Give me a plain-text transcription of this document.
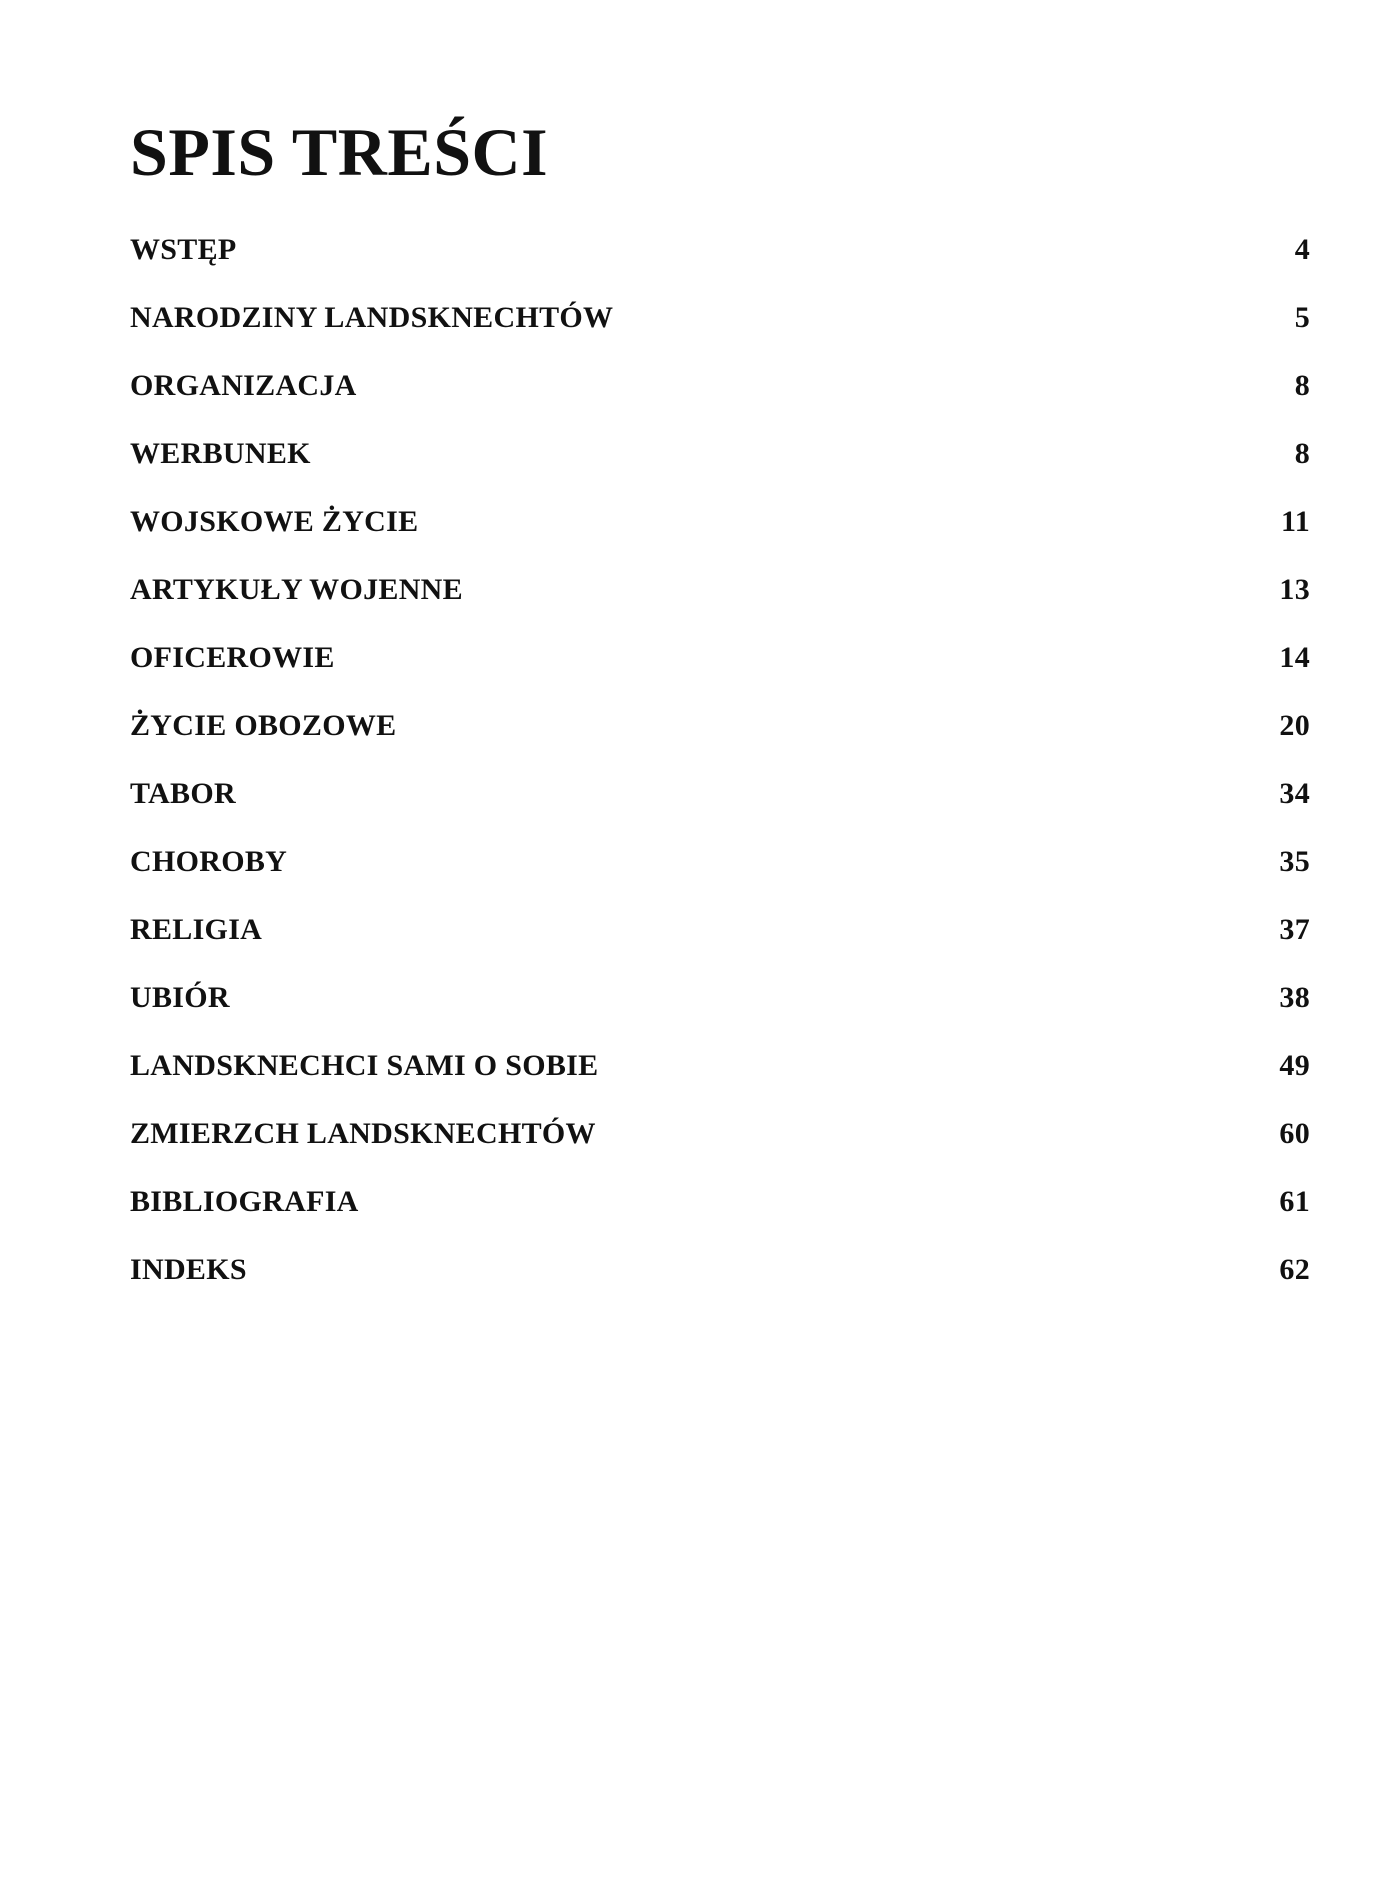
SPIS TREŚCI
WSTĘP	4
NARODZINY LANDSKNECHTÓW	5
ORGANIZACJA	8
WERBUNEK	8
WOJSKOWE ŻYCIE	11
ARTYKUŁY WOJENNE	13
OFICEROWIE	14
ŻYCIE OBOZOWE	20
TABOR	34
CHOROBY	35
RELIGIA	37
UBIÓR	38
LANDSKNECHCI SAMI O SOBIE	49
ZMIERZCH LANDSKNECHTÓW	60
BIBLIOGRAFIA	61
INDEKS	62
